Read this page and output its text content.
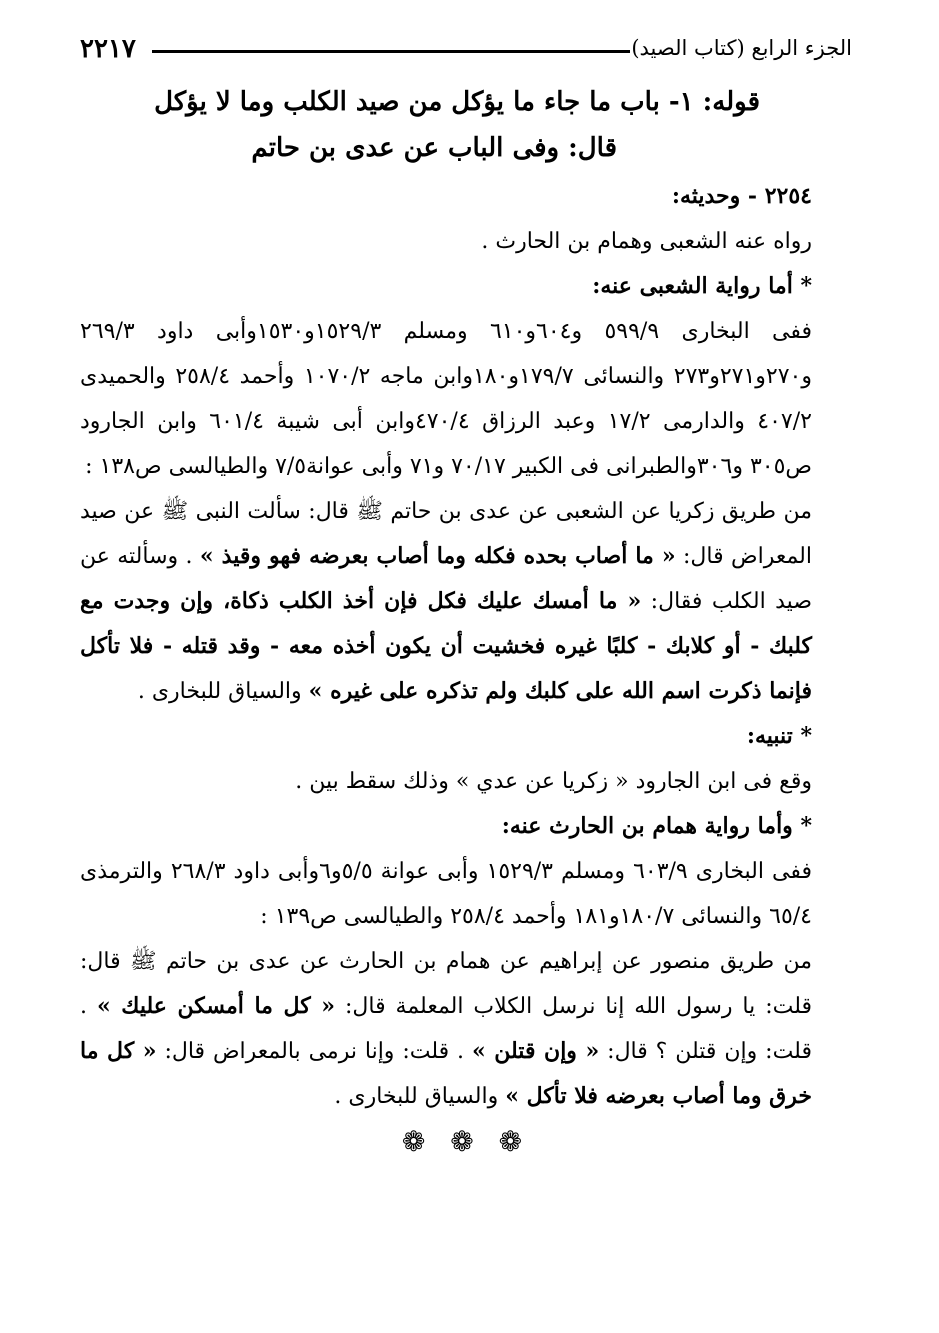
٢٢١٧	الجزء الرابع (كتاب الصيد)

قوله: ١- باب ما جاء ما يؤكل من صيد الكلب وما لا يؤكل

قال: وفى الباب عن عدى بن حاتم

٢٢٥٤ - وحديثه:

رواه عنه الشعبى وهمام بن الحارث .

* أما رواية الشعبى عنه:

ففى البخارى ٥٩٩/٩ و٦٠٤و٦١٠ ومسلم ١٥٢٩/٣و١٥٣٠وأبى داود ٢٦٩/٣ و٢٧٠و٢٧١و٢٧٣ والنسائى ١٧٩/٧و١٨٠وابن ماجه ١٠٧٠/٢ وأحمد ٢٥٨/٤ والحميدى ٤٠٧/٢ والدارمى ١٧/٢ وعبد الرزاق ٤٧٠/٤وابن أبى شيبة ٦٠١/٤ وابن الجارود ص٣٠٥ و٣٠٦والطبرانى فى الكبير ٧٠/١٧ و٧١ وأبى عوانة٧/٥ والطيالسى ص١٣٨ :

من طريق زكريا عن الشعبى عن عدى بن حاتم ﷺ قال: سألت النبى ﷺ عن صيد المعراض قال: « ما أصاب بحده فكله وما أصاب بعرضه فهو وقيذ » . وسألته عن صيد الكلب فقال: « ما أمسك عليك فكل فإن أخذ الكلب ذكاة، وإن وجدت مع كلبك - أو كلابك - كلبًا غيره فخشيت أن يكون أخذه معه - وقد قتله - فلا تأكل فإنما ذكرت اسم الله على كلبك ولم تذكره على غيره » والسياق للبخارى .

* تنبيه:

وقع فى ابن الجارود « زكريا عن عدي » وذلك سقط بين .

* وأما رواية همام بن الحارث عنه:

ففى البخارى ٦٠٣/٩ ومسلم ١٥٢٩/٣ وأبى عوانة ٥/٥و٦وأبى داود ٢٦٨/٣ والترمذى ٦٥/٤ والنسائى ١٨٠/٧و١٨١ وأحمد ٢٥٨/٤ والطيالسى ص١٣٩ :

من طريق منصور عن إبراهيم عن همام بن الحارث عن عدى بن حاتم ﷺ قال: قلت: يا رسول الله إنا نرسل الكلاب المعلمة قال: « كل ما أمسكن عليك » . قلت: وإن قتلن ؟ قال: « وإن قتلن » . قلت: وإنا نرمى بالمعراض قال: « كل ما خرق وما أصاب بعرضه فلا تأكل » والسياق للبخارى .

❁ ❁ ❁
